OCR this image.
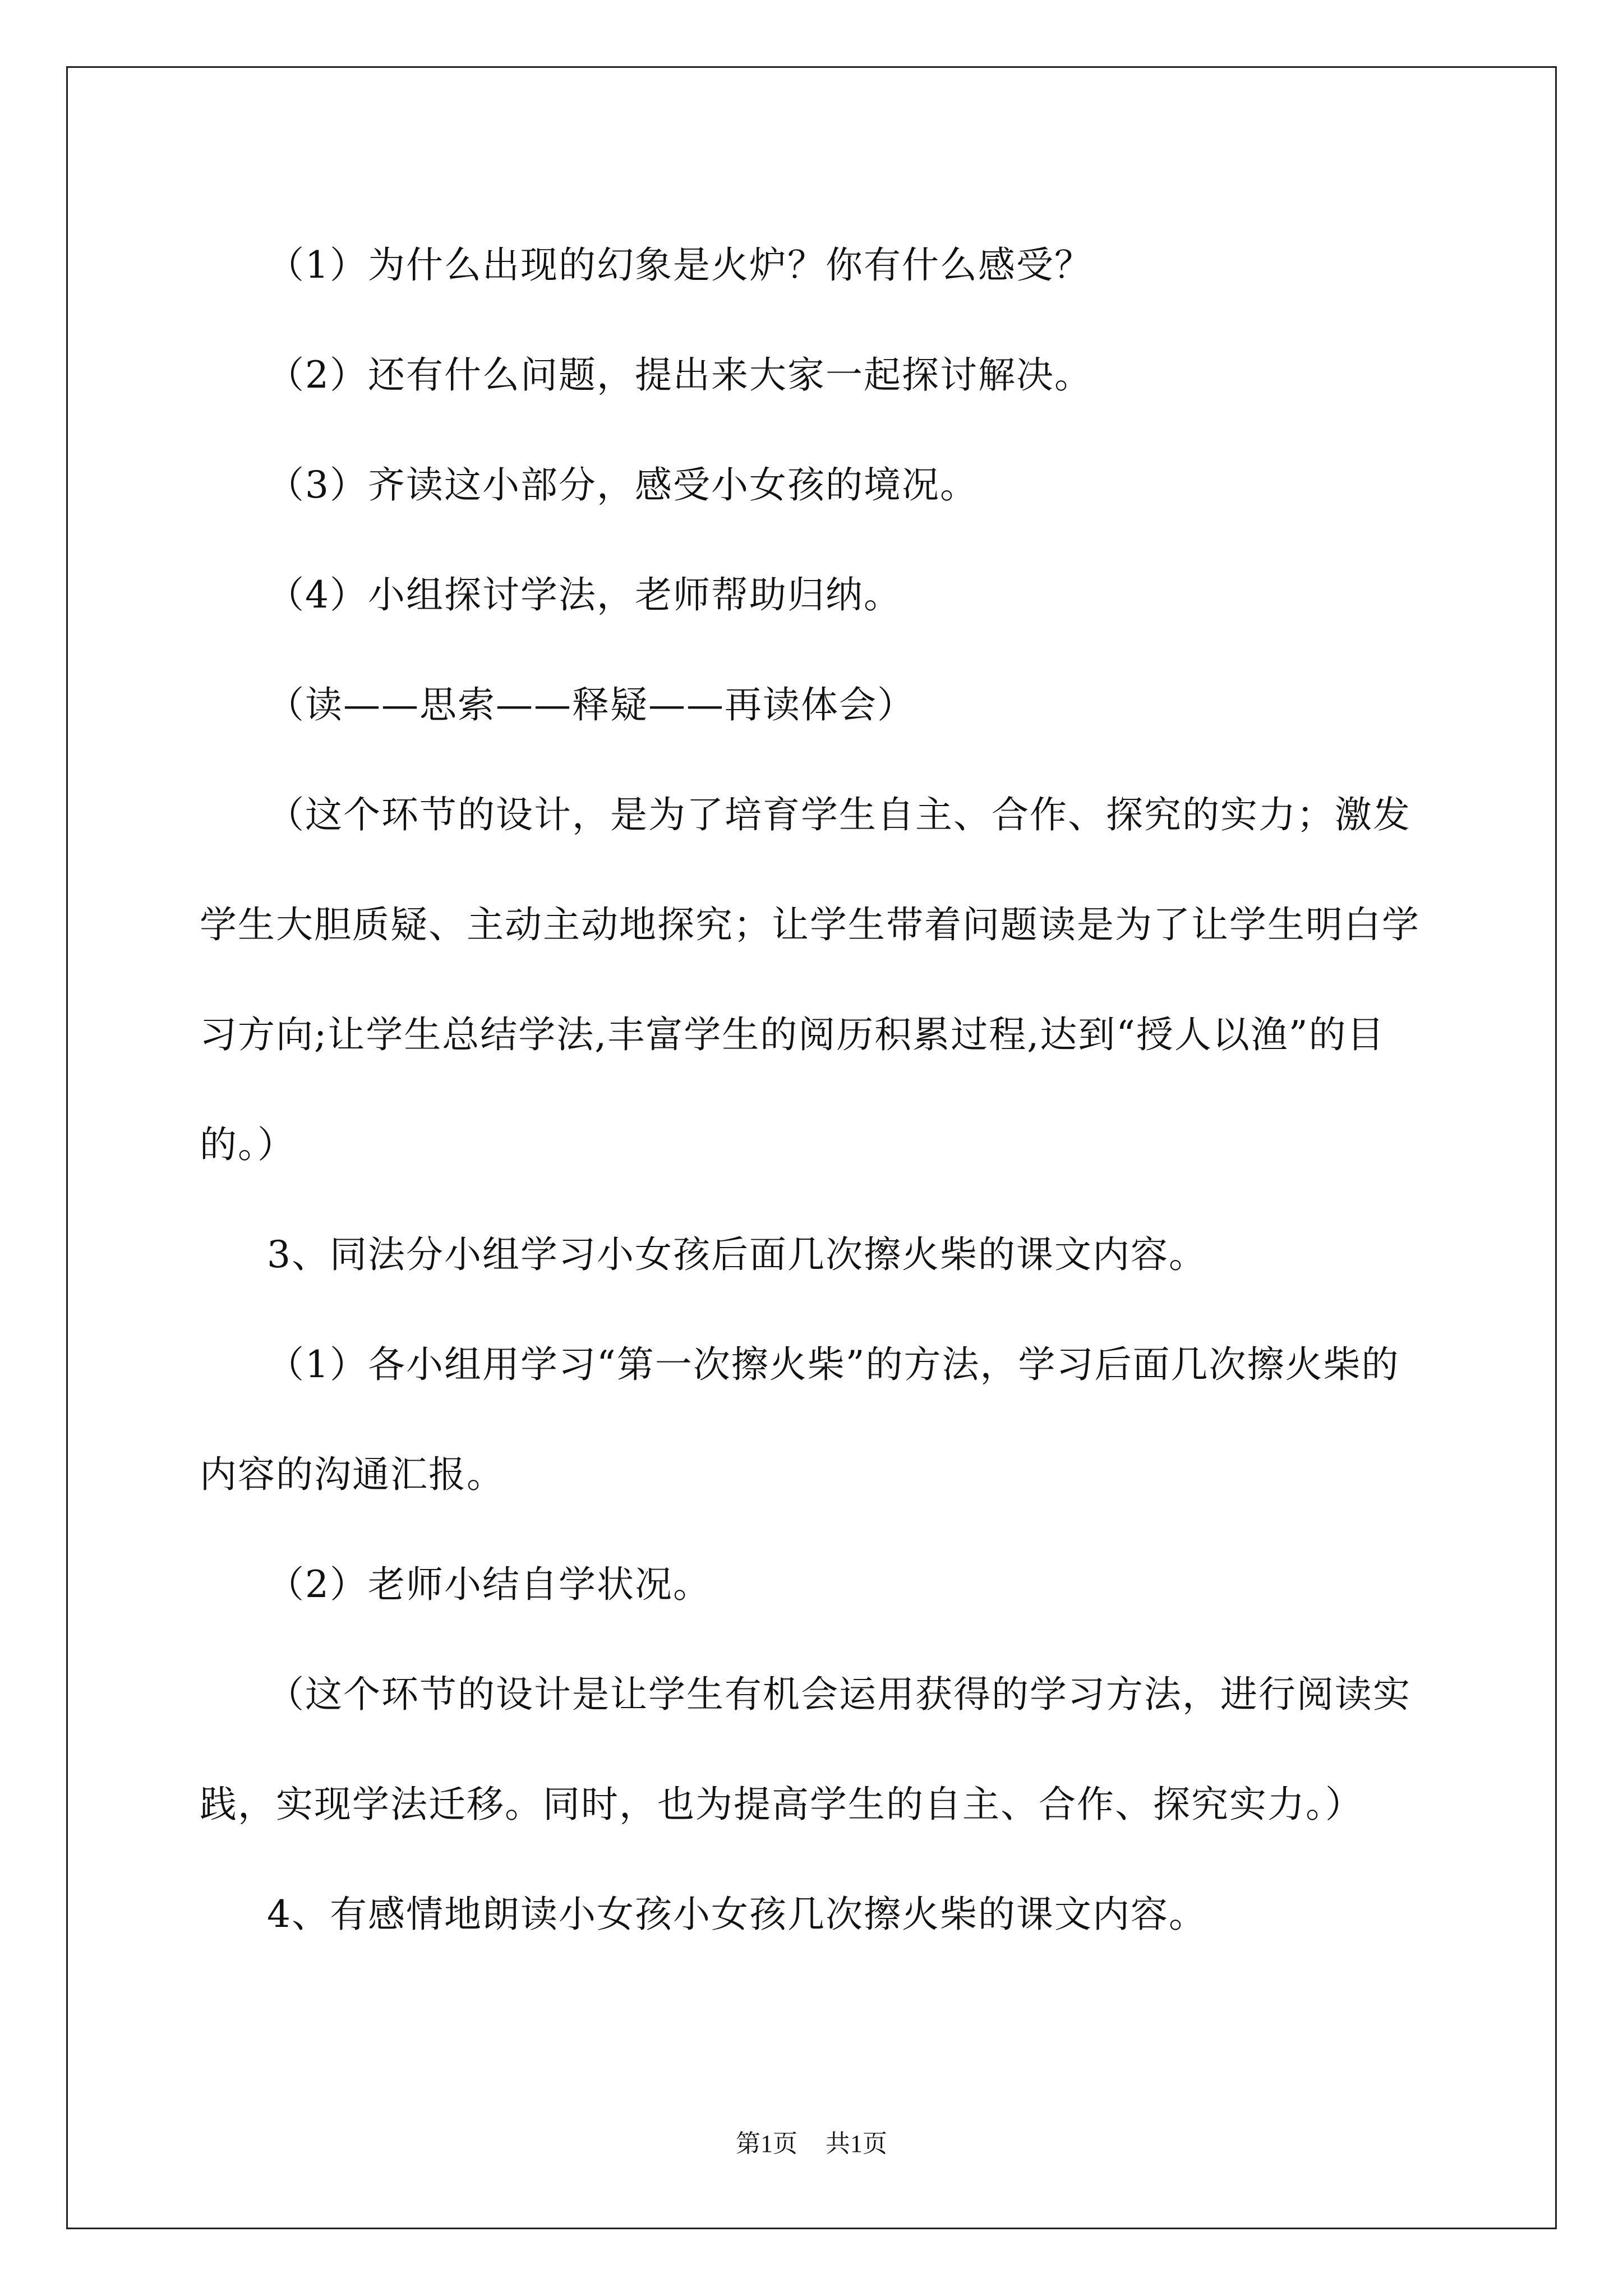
（1）为什么出现的幻象是火炉？你有什么感受？

（2）还有什么问题，提出来大家一起探讨解决。

（3）齐读这小部分，感受小女孩的境况。

（4）小组探讨学法，老师帮助归纳。

（读——思索——释疑——再读体会）

（这个环节的设计，是为了培育学生自主、合作、探究的实力；激发学生大胆质疑、主动主动地探究；让学生带着问题读是为了让学生明白学习方向;让学生总结学法,丰富学生的阅历积累过程,达到“授人以渔”的目的。）

3、同法分小组学习小女孩后面几次擦火柴的课文内容。

（1）各小组用学习“第一次擦火柴”的方法，学习后面几次擦火柴的内容的沟通汇报。

（2）老师小结自学状况。

（这个环节的设计是让学生有机会运用获得的学习方法，进行阅读实践，实现学法迁移。同时，也为提高学生的自主、合作、探究实力。）

4、有感情地朗读小女孩小女孩几次擦火柴的课文内容。

第1页 共1页
